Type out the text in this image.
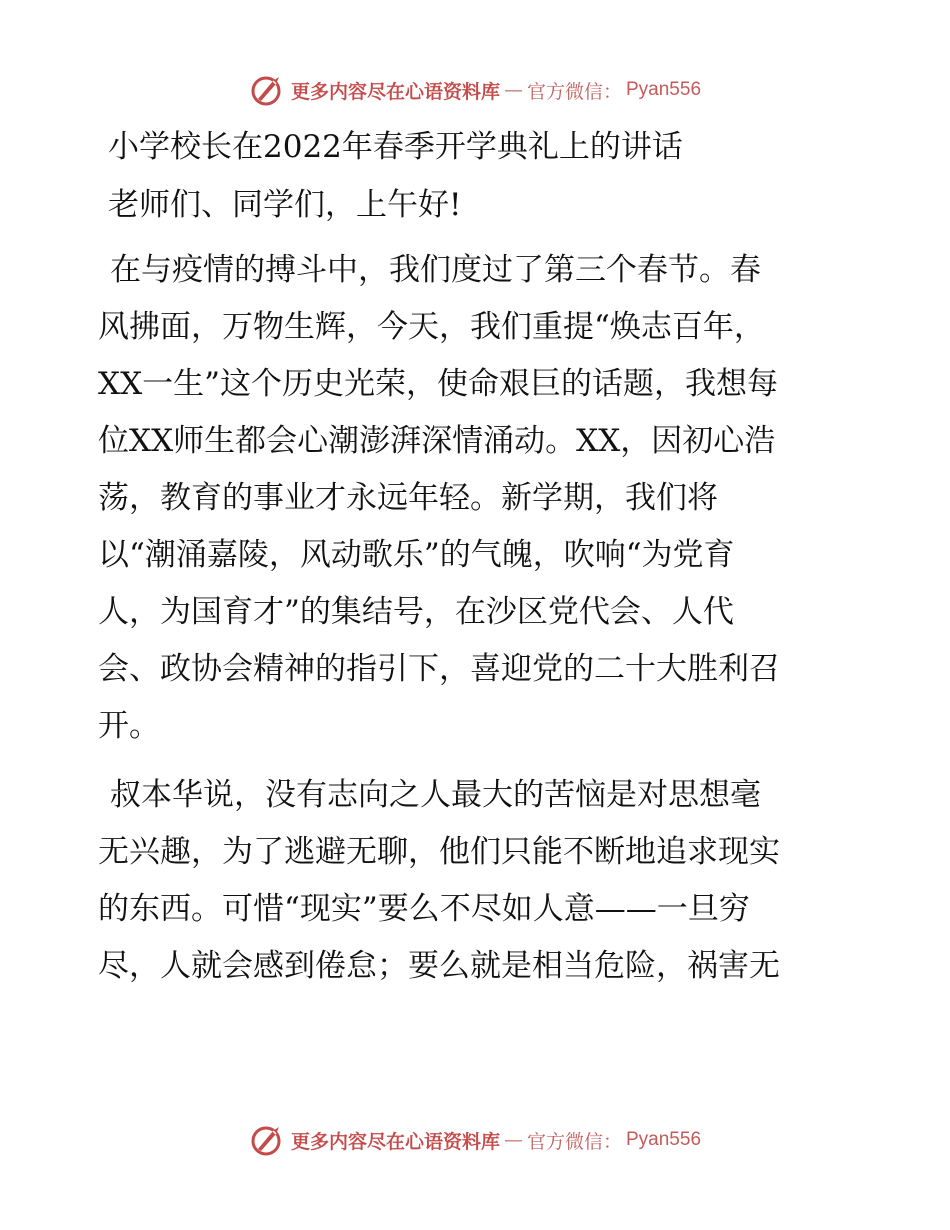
更多内容尽在心语资料库 — 官方微信： Pyan556
小学校长在2022年春季开学典礼上的讲话

老师们、同学们，上午好!

在与疫情的搏斗中，我们度过了第三个春节。春
风拂面，万物生辉，今天，我们重提“焕志百年，
XX一生”这个历史光荣，使命艰巨的话题，我想每
位XX师生都会心潮澎湃深情涌动。XX，因初心浩
荡，教育的事业才永远年轻。新学期，我们将
以“潮涌嘉陵，风动歌乐”的气魄，吹响“为党育
人，为国育才”的集结号，在沙区党代会、人代
会、政协会精神的指引下，喜迎党的二十大胜利召
开。
叔本华说，没有志向之人最大的苦恼是对思想毫
无兴趣，为了逃避无聊，他们只能不断地追求现实
的东西。可惜“现实”要么不尽如人意——一旦穷
尽，人就会感到倦怠；要么就是相当危险，祸害无
更多内容尽在心语资料库 — 官方微信： Pyan556
